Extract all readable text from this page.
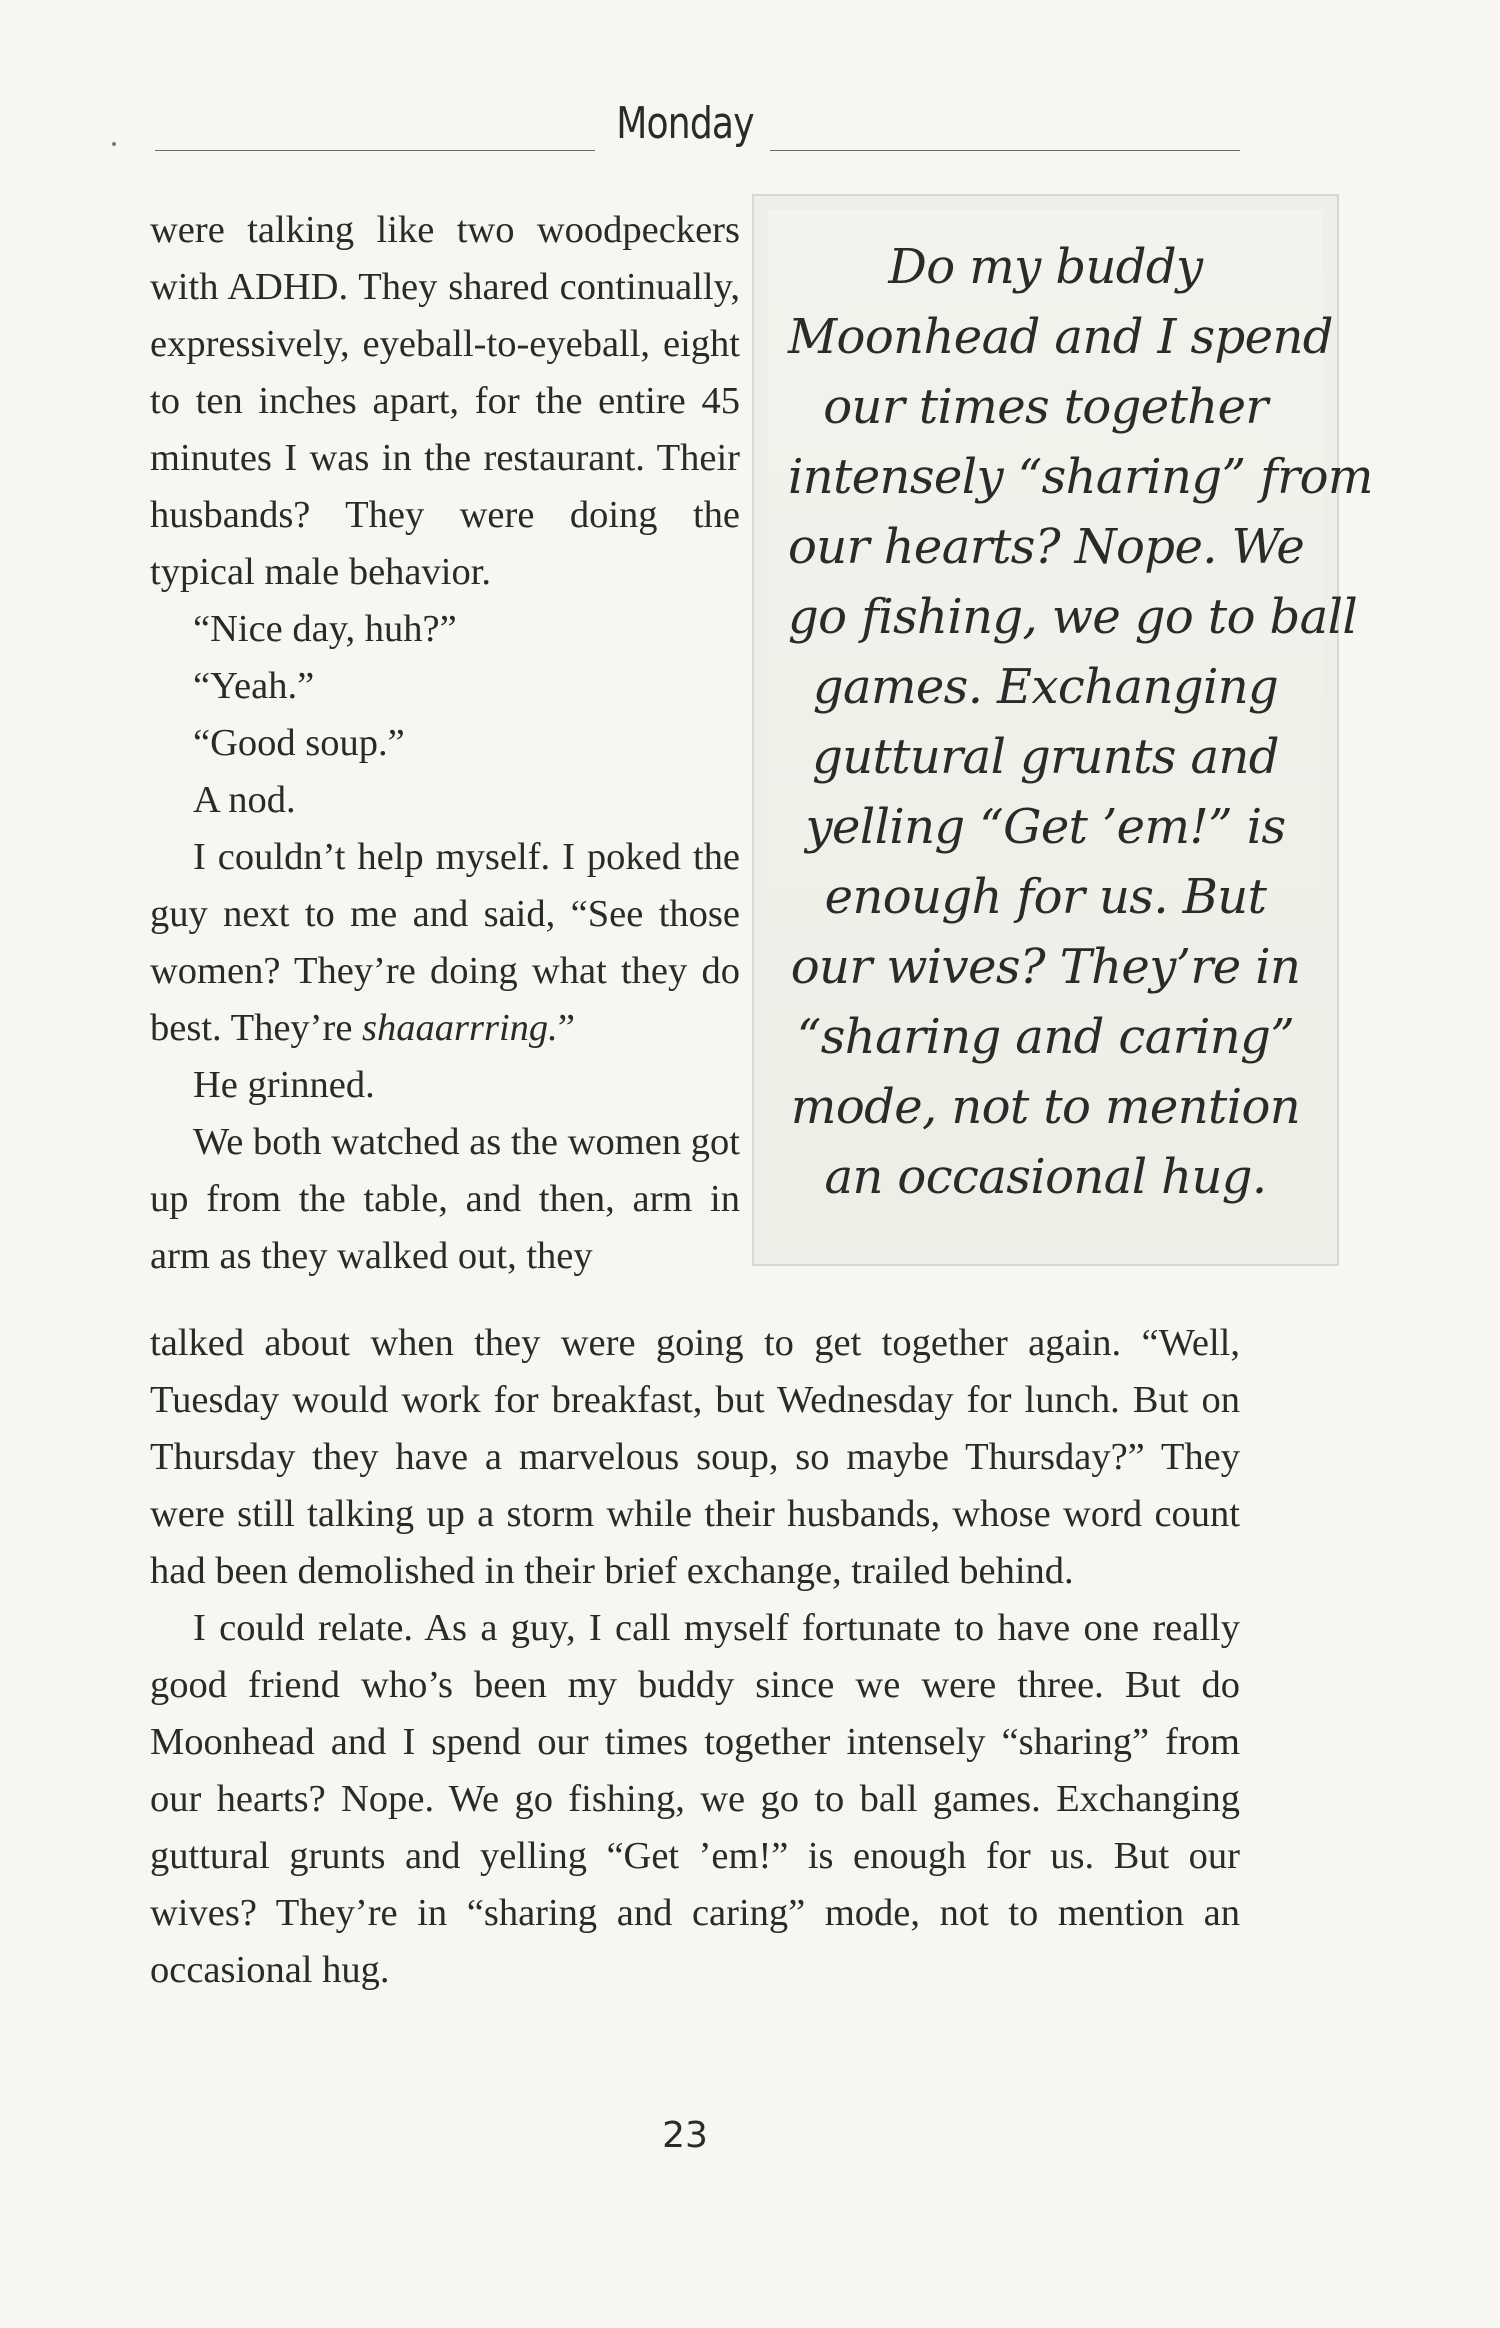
Monday

were talking like two woodpeckers with ADHD. They shared continually, expressively, eyeball-to-eyeball, eight to ten inches apart, for the entire 45 minutes I was in the restaurant. Their husbands? They were doing the typical male behavior.

“Nice day, huh?”

“Yeah.”

“Good soup.”

A nod.

I couldn’t help myself. I poked the guy next to me and said, “See those women? They’re doing what they do best. They’re shaaarrring.”

He grinned.

We both watched as the women got up from the table, and then, arm in arm as they walked out, they

Do my buddy
Moonhead and I spend
our times together
intensely “sharing” from
our hearts? Nope. We
go fishing, we go to ball
games. Exchanging
guttural grunts and
yelling “Get ’em!” is
enough for us. But
our wives? They’re in
“sharing and caring”
mode, not to mention
an occasional hug.

talked about when they were going to get together again. “Well, Tuesday would work for breakfast, but Wednesday for lunch. But on Thursday they have a marvelous soup, so maybe Thursday?” They were still talking up a storm while their husbands, whose word count had been demolished in their brief exchange, trailed behind.

I could relate. As a guy, I call myself fortunate to have one really good friend who’s been my buddy since we were three. But do Moonhead and I spend our times together intensely “sharing” from our hearts? Nope. We go fishing, we go to ball games. Exchanging guttural grunts and yelling “Get ’em!” is enough for us. But our wives? They’re in “sharing and caring” mode, not to mention an occasional hug.

23
